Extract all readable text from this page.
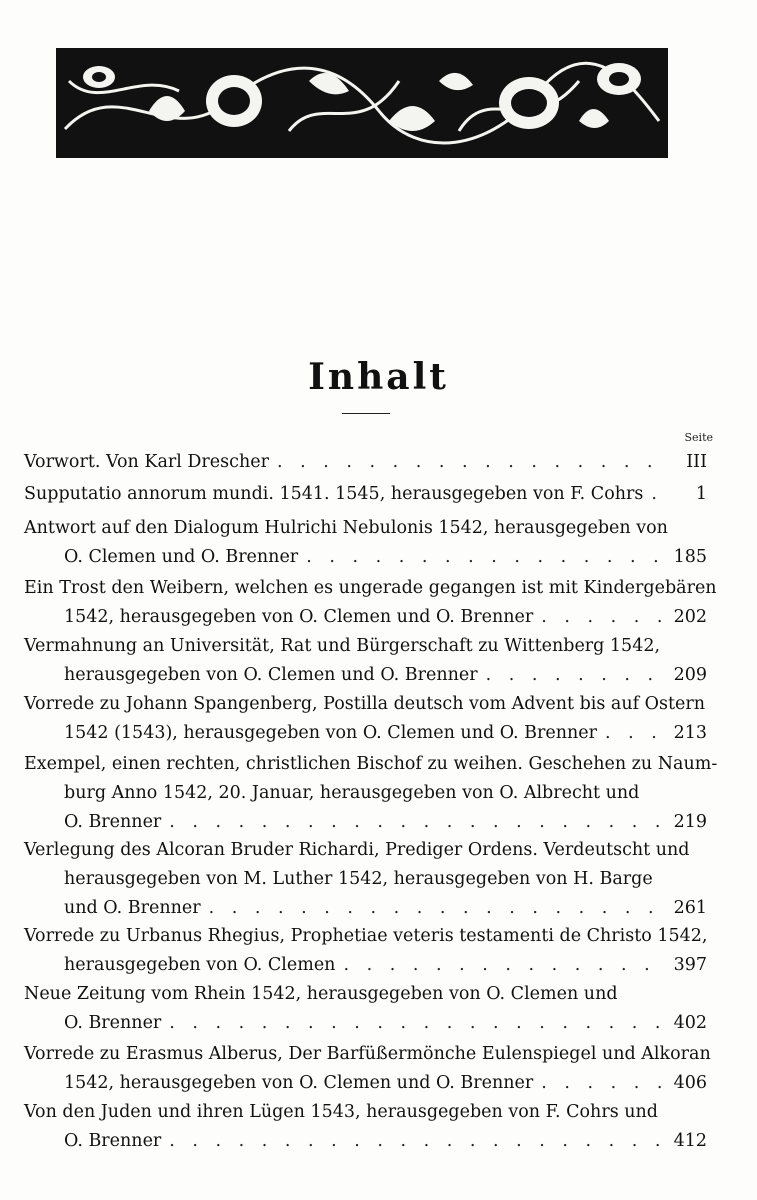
Inhalt
Seite
Vorwort. Von Karl Drescher . . .	III
Supputatio annorum mundi. 1541. 1545, herausgegeben von F. Cohrs . . .	1
Antwort auf den Dialogum Hulrichi Nebulonis 1542, herausgegeben von
O. Clemen und O. Brenner . . .	185
Ein Trost den Weibern, welchen es ungerade gegangen ist mit Kindergebären
1542, herausgegeben von O. Clemen und O. Brenner . . .	202
Vermahnung an Universität, Rat und Bürgerschaft zu Wittenberg 1542,
herausgegeben von O. Clemen und O. Brenner . . .	209
Vorrede zu Johann Spangenberg, Postilla deutsch vom Advent bis auf Ostern
1542 (1543), herausgegeben von O. Clemen und O. Brenner . . .	213
Exempel, einen rechten, christlichen Bischof zu weihen. Geschehen zu Naum-
burg Anno 1542, 20. Januar, herausgegeben von O. Albrecht und
O. Brenner . . .	219
Verlegung des Alcoran Bruder Richardi, Prediger Ordens. Verdeutscht und
herausgegeben von M. Luther 1542, herausgegeben von H. Barge
und O. Brenner . . .	261
Vorrede zu Urbanus Rhegius, Prophetiae veteris testamenti de Christo 1542,
herausgegeben von O. Clemen . . .	397
Neue Zeitung vom Rhein 1542, herausgegeben von O. Clemen und
O. Brenner . . .	402
Vorrede zu Erasmus Alberus, Der Barfüßermönche Eulenspiegel und Alkoran
1542, herausgegeben von O. Clemen und O. Brenner . . .	406
Von den Juden und ihren Lügen 1543, herausgegeben von F. Cohrs und
O. Brenner . . .	412
